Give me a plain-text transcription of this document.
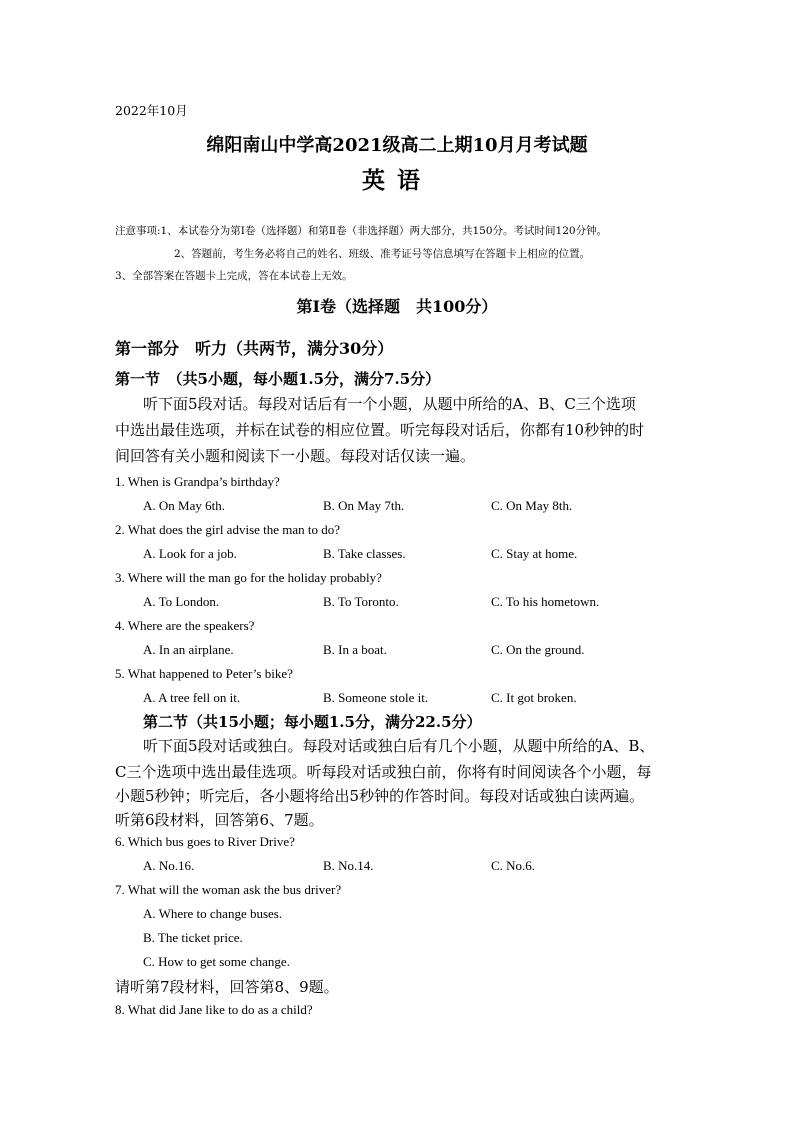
2022年10月
绵阳南山中学高2021级高二上期10月月考试题
英语
注意事项:1、本试卷分为第Ⅰ卷（选择题）和第Ⅱ卷（非选择题）两大部分，共150分。考试时间120分钟。
2、答题前，考生务必将自己的姓名、班级、准考证号等信息填写在答题卡上相应的位置。
3、全部答案在答题卡上完成，答在本试卷上无效。
第Ⅰ卷（选择题　共100分）
第一部分　听力（共两节，满分30分）
第一节　（共5小题，每小题1.5分，满分7.5分）
听下面5段对话。每段对话后有一个小题，从题中所给的A、B、C三个选项
中选出最佳选项，并标在试卷的相应位置。听完每段对话后，你都有10秒钟的时
间回答有关小题和阅读下一小题。每段对话仅读一遍。
1. When is Grandpa’s birthday?
A. On May 6th.	B. On May 7th.	C. On May 8th.
2. What does the girl advise the man to do?
A. Look for a job.	B. Take classes.	C. Stay at home.
3. Where will the man go for the holiday probably?
A. To London.	B. To Toronto.	C. To his hometown.
4. Where are the speakers?
A. In an airplane.	B. In a boat.	C. On the ground.
5. What happened to Peter’s bike?
A. A tree fell on it.	B. Someone stole it.	C. It got broken.
第二节（共15小题；每小题1.5分，满分22.5分）
听下面5段对话或独白。每段对话或独白后有几个小题，从题中所给的A、B、
C三个选项中选出最佳选项。听每段对话或独白前，你将有时间阅读各个小题，每
小题5秒钟；听完后，各小题将给出5秒钟的作答时间。每段对话或独白读两遍。
听第6段材料，回答第6、7题。
6. Which bus goes to River Drive?
A. No.16.	B. No.14.	C. No.6.
7. What will the woman ask the bus driver?
A. Where to change buses.
B. The ticket price.
C. How to get some change.
请听第7段材料，回答第8、9题。
8. What did Jane like to do as a child?
